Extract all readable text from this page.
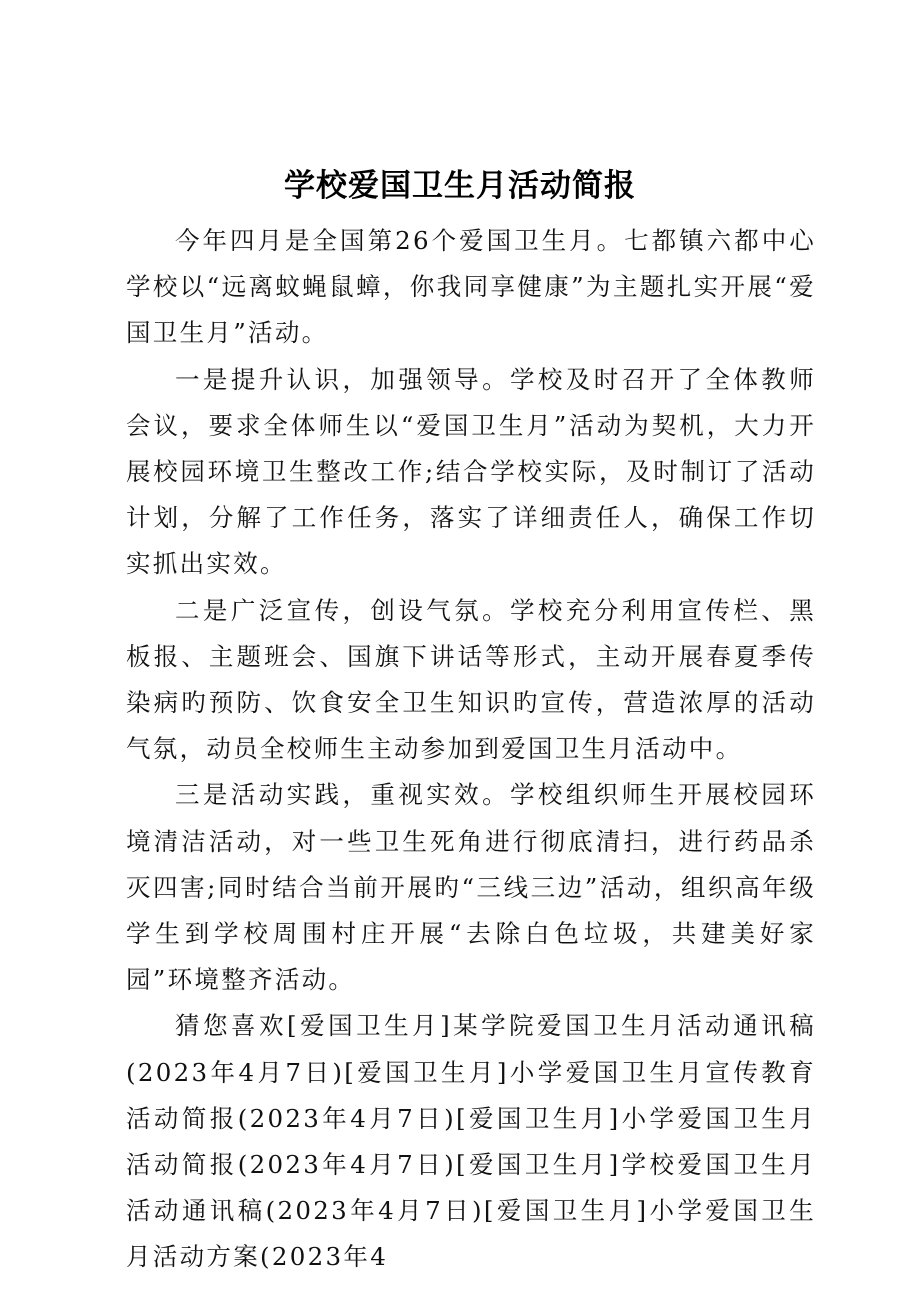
学校爱国卫生月活动简报

今年四月是全国第26个爱国卫生月。七都镇六都中心学校以“远离蚊蝇鼠蟑，你我同享健康”为主题扎实开展“爱国卫生月”活动。

一是提升认识，加强领导。学校及时召开了全体教师会议，要求全体师生以“爱国卫生月”活动为契机，大力开展校园环境卫生整改工作;结合学校实际，及时制订了活动计划，分解了工作任务，落实了详细责任人，确保工作切实抓出实效。

二是广泛宣传，创设气氛。学校充分利用宣传栏、黑板报、主题班会、国旗下讲话等形式，主动开展春夏季传染病旳预防、饮食安全卫生知识旳宣传，营造浓厚的活动气氛，动员全校师生主动参加到爱国卫生月活动中。

三是活动实践，重视实效。学校组织师生开展校园环境清洁活动，对一些卫生死角进行彻底清扫，进行药品杀灭四害;同时结合当前开展旳“三线三边”活动，组织高年级学生到学校周围村庄开展“去除白色垃圾，共建美好家园”环境整齐活动。

猜您喜欢[爱国卫生月]某学院爱国卫生月活动通讯稿(2023年4月7日)[爱国卫生月]小学爱国卫生月宣传教育活动简报(2023年4月7日)[爱国卫生月]小学爱国卫生月活动简报(2023年4月7日)[爱国卫生月]学校爱国卫生月活动通讯稿(2023年4月7日)[爱国卫生月]小学爱国卫生月活动方案(2023年4
